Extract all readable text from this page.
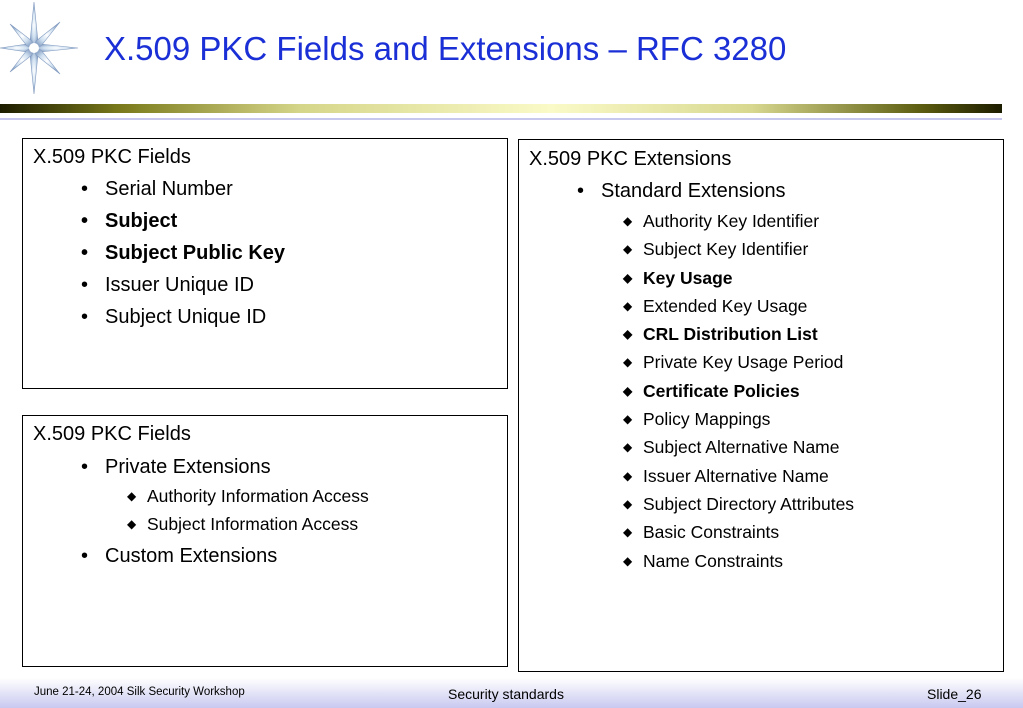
X.509 PKC Fields and Extensions – RFC 3280
X.509 PKC Fields
• Serial Number
• Subject
• Subject Public Key
• Issuer Unique ID
• Subject Unique ID
X.509 PKC Fields
• Private Extensions
◆ Authority Information Access
◆ Subject Information Access
• Custom Extensions
X.509 PKC Extensions
• Standard Extensions
◆ Authority Key Identifier
◆ Subject Key Identifier
◆ Key Usage
◆ Extended Key Usage
◆ CRL Distribution List
◆ Private Key Usage Period
◆ Certificate Policies
◆ Policy Mappings
◆ Subject Alternative Name
◆ Issuer Alternative Name
◆ Subject Directory Attributes
◆ Basic Constraints
◆ Name Constraints
June 21-24, 2004 Silk Security Workshop	Security standards	Slide_26
